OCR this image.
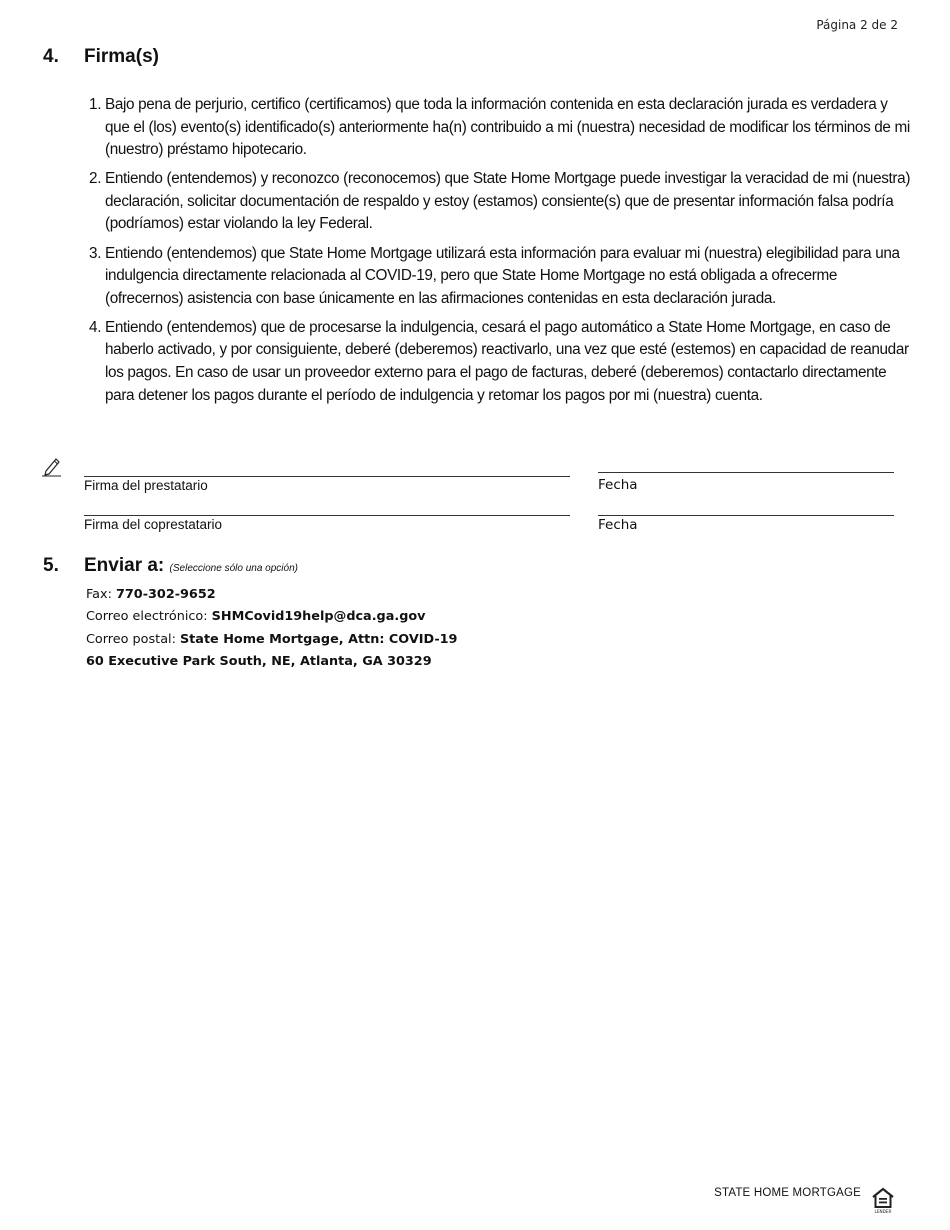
Página 2 de 2
4. Firma(s)
1. Bajo pena de perjurio, certifico (certificamos) que toda la información contenida en esta declaración jurada es verdadera y que el (los) evento(s) identificado(s) anteriormente ha(n) contribuido a mi (nuestra) necesidad de modificar los términos de mi (nuestro) préstamo hipotecario.
2. Entiendo (entendemos) y reconozco (reconocemos) que State Home Mortgage puede investigar la veracidad de mi (nuestra) declaración, solicitar documentación de respaldo y estoy (estamos) consiente(s) que de presentar información falsa podría (podríamos) estar violando la ley Federal.
3. Entiendo (entendemos) que State Home Mortgage utilizará esta información para evaluar mi (nuestra) elegibilidad para una indulgencia directamente relacionada al COVID-19, pero que State Home Mortgage no está obligada a ofrecerme (ofrecernos) asistencia con base únicamente en las afirmaciones contenidas en esta declaración jurada.
4. Entiendo (entendemos) que de procesarse la indulgencia, cesará el pago automático a State Home Mortgage, en caso de haberlo activado, y por consiguiente, deberé (deberemos) reactivarlo, una vez que esté (estemos) en capacidad de reanudar los pagos. En caso de usar un proveedor externo para el pago de facturas, deberé (deberemos) contactarlo directamente para detener los pagos durante el período de indulgencia y retomar los pagos por mi (nuestra) cuenta.
Firma del prestatario	Fecha
Firma del coprestatario	Fecha
5. Enviar a: (Seleccione sólo una opción)
Fax: 770-302-9652
Correo electrónico: SHMCovid19help@dca.ga.gov
Correo postal: State Home Mortgage, Attn: COVID-19
60 Executive Park South, NE, Atlanta, GA 30329
STATE HOME MORTGAGE
LENDER
